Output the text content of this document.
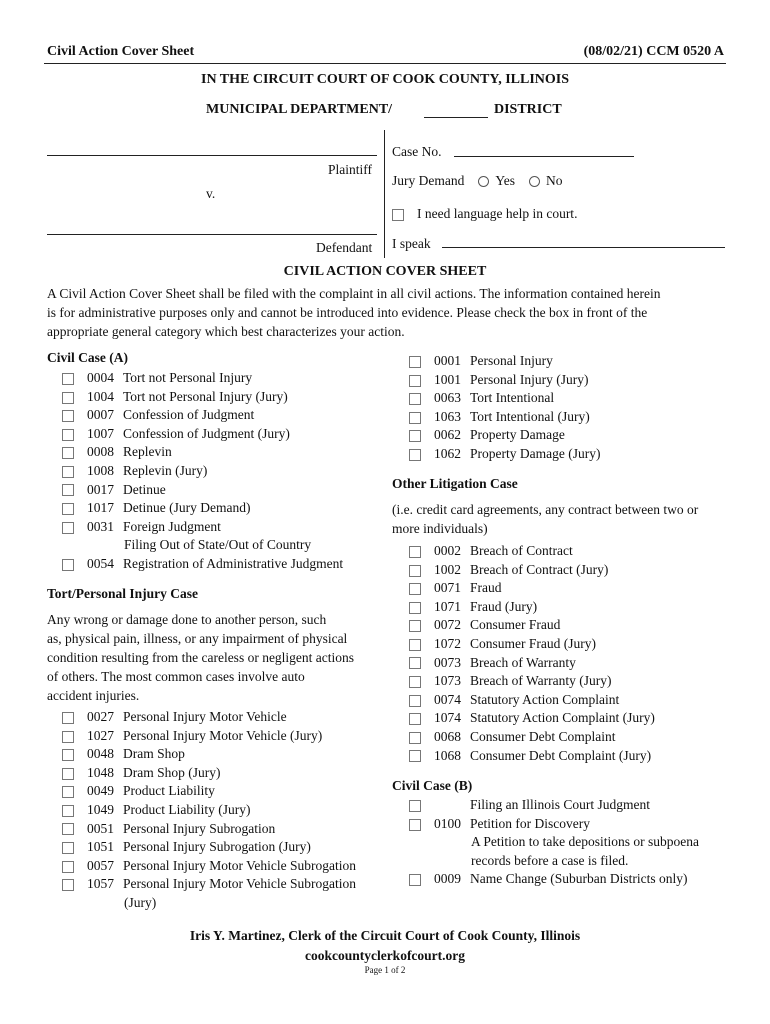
Civil Action Cover Sheet	(08/02/21) CCM 0520 A
IN THE CIRCUIT COURT OF COOK COUNTY, ILLINOIS
MUNICIPAL DEPARTMENT/	DISTRICT
Plaintiff
v.
Defendant
Case No.
Jury Demand Yes No
I need language help in court.
I speak
CIVIL ACTION COVER SHEET
A Civil Action Cover Sheet shall be filed with the complaint in all civil actions. The information contained herein
is for administrative purposes only and cannot be introduced into evidence. Please check the box in front of the
appropriate general category which best characterizes your action.
Civil Case (A)
0004 Tort not Personal Injury
1004 Tort not Personal Injury (Jury)
0007 Confession of Judgment
1007 Confession of Judgment (Jury)
0008 Replevin
1008 Replevin (Jury)
0017 Detinue
1017 Detinue (Jury Demand)
0031 Foreign Judgment
Filing Out of State/Out of Country
0054 Registration of Administrative Judgment
Tort/Personal Injury Case
Any wrong or damage done to another person, such
as, physical pain, illness, or any impairment of physical
condition resulting from the careless or negligent actions
of others. The most common cases involve auto
accident injuries.
0027 Personal Injury Motor Vehicle
1027 Personal Injury Motor Vehicle (Jury)
0048 Dram Shop
1048 Dram Shop (Jury)
0049 Product Liability
1049 Product Liability (Jury)
0051 Personal Injury Subrogation
1051 Personal Injury Subrogation (Jury)
0057 Personal Injury Motor Vehicle Subrogation
1057 Personal Injury Motor Vehicle Subrogation
(Jury)
0001 Personal Injury
1001 Personal Injury (Jury)
0063 Tort Intentional
1063 Tort Intentional (Jury)
0062 Property Damage
1062 Property Damage (Jury)
Other Litigation Case
(i.e. credit card agreements, any contract between two or
more individuals)
0002 Breach of Contract
1002 Breach of Contract (Jury)
0071 Fraud
1071 Fraud (Jury)
0072 Consumer Fraud
1072 Consumer Fraud (Jury)
0073 Breach of Warranty
1073 Breach of Warranty (Jury)
0074 Statutory Action Complaint
1074 Statutory Action Complaint (Jury)
0068 Consumer Debt Complaint
1068 Consumer Debt Complaint (Jury)
Civil Case (B)
Filing an Illinois Court Judgment
0100 Petition for Discovery
A Petition to take depositions or subpoena
records before a case is filed.
0009 Name Change (Suburban Districts only)
Iris Y. Martinez, Clerk of the Circuit Court of Cook County, Illinois
cookcountyclerkofcourt.org
Page 1 of 2
